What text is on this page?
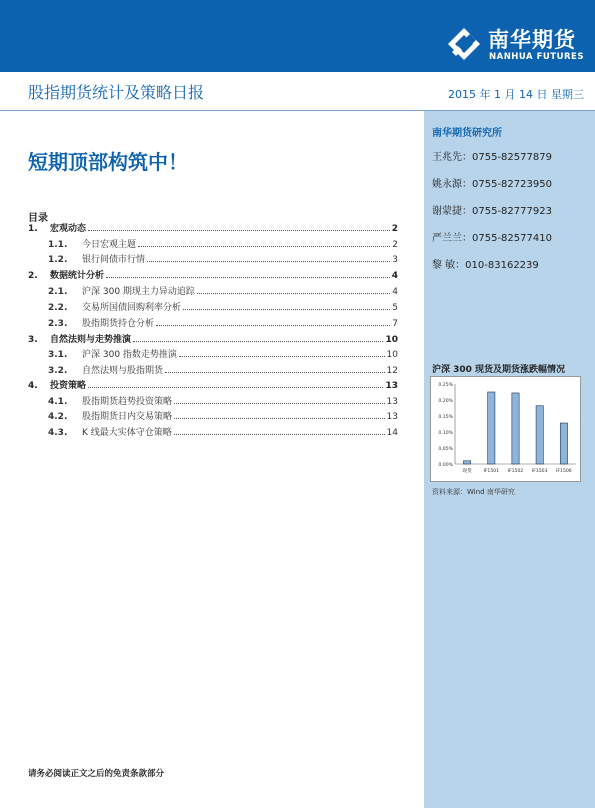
南华期货
NANHUA FUTURES
股指期货统计及策略日报	2015 年 1 月 14 日 星期三
南华期货研究所
王兆先：0755-82577879
姚永源：0755-82723950
谢蒙捷：0755-82777923
严兰兰：0755-82577410
黎 敏：010-83162239
短期顶部构筑中！
目录
1.	宏观动态	2
1.1.	今日宏观主题	2
1.2.	银行间债市行情	3
2.	数据统计分析	4
2.1.	沪深 300 期现主力异动追踪	4
2.2.	交易所国债回购利率分析	5
2.3.	股指期货持仓分析	7
3.	自然法则与走势推演	10
3.1.	沪深 300 指数走势推演	10
3.2.	自然法则与股指期货	12
4.	投资策略	13
4.1.	股指期货趋势投资策略	13
4.2.	股指期货日内交易策略	13
4.3.	K 线最大实体守仓策略	14
沪深 300 现货及期货涨跌幅情况
0.00%
0.05%
0.10%
0.15%
0.20%
0.25%
现货	IF1501 IF1502 IF1503 IF1506
资料来源：Wind 南华研究
请务必阅读正文之后的免责条款部分
